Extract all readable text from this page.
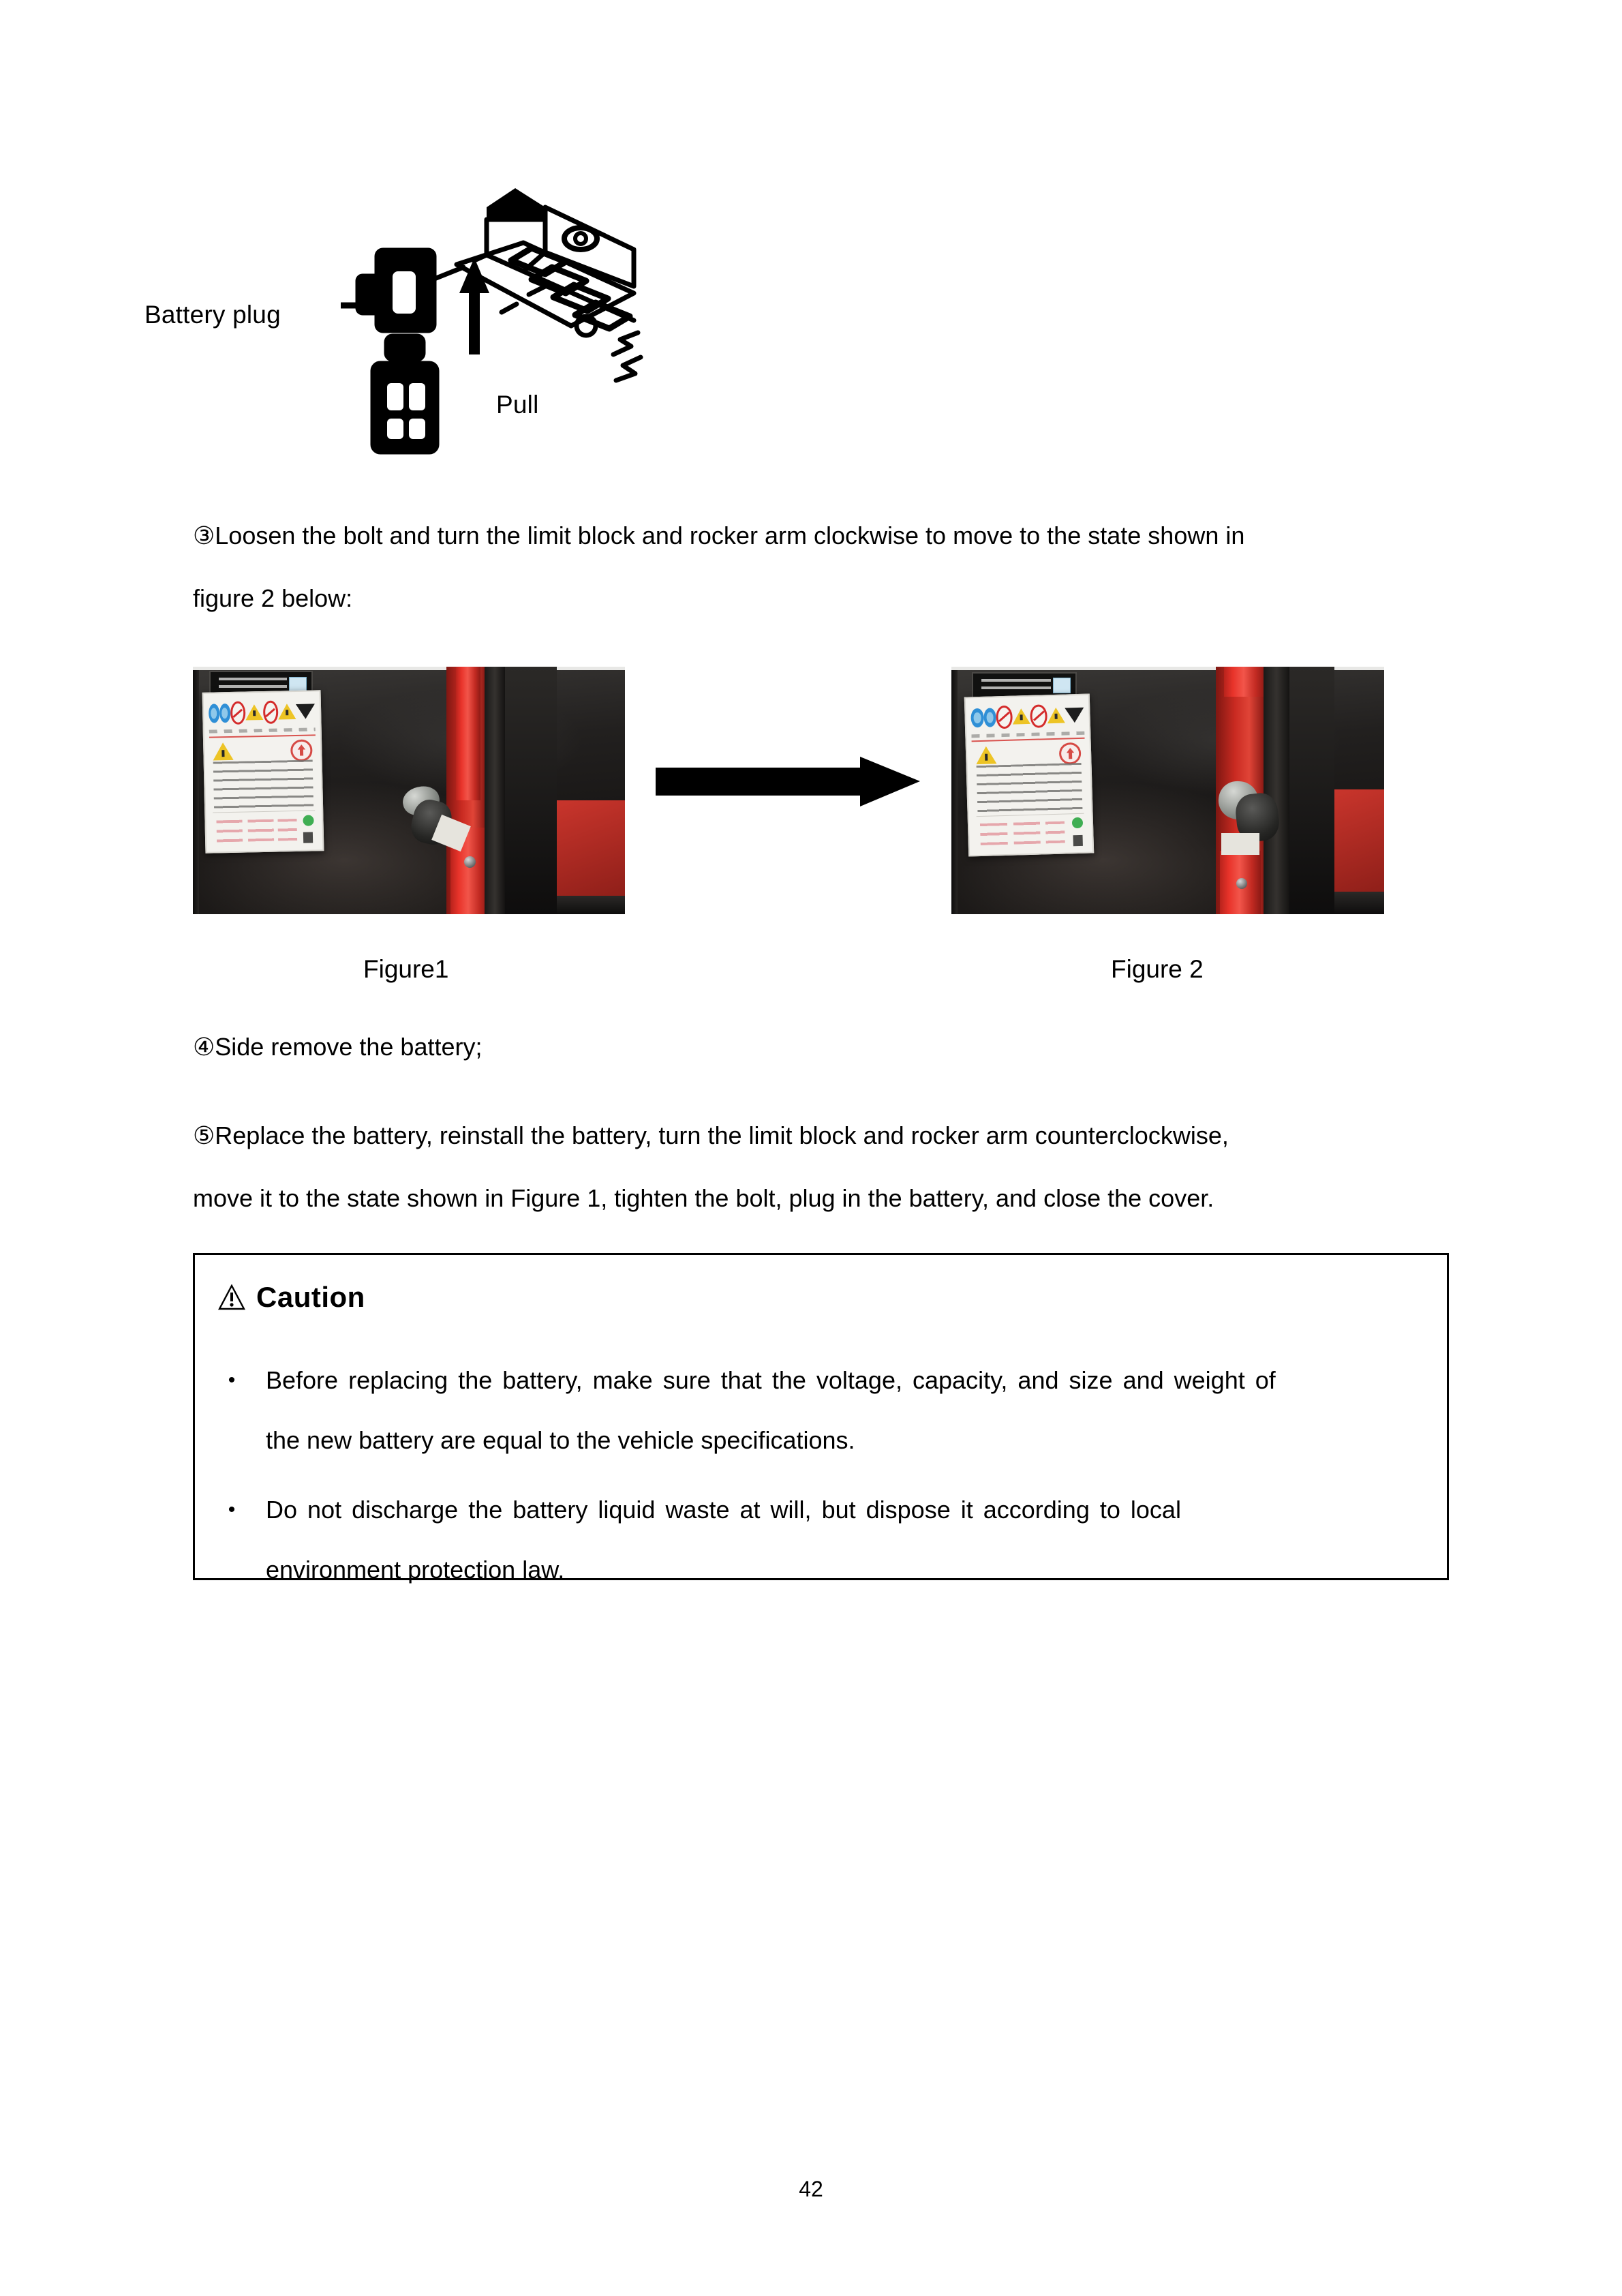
Battery plug
Pull
③Loosen the bolt and turn the limit block and rocker arm clockwise to move to the state shown in
figure 2 below:
Figure1	Figure 2
④Side remove the battery;
⑤Replace the battery, reinstall the battery, turn the limit block and rocker arm counterclockwise,
move it to the state shown in Figure 1, tighten the bolt, plug in the battery, and close the cover.
Caution
•	Before replacing the battery, make sure that the voltage, capacity, and size and weight of
the new battery are equal to the vehicle specifications.
•	Do not discharge the battery liquid waste at will, but dispose it according to local
environment protection law.
42
